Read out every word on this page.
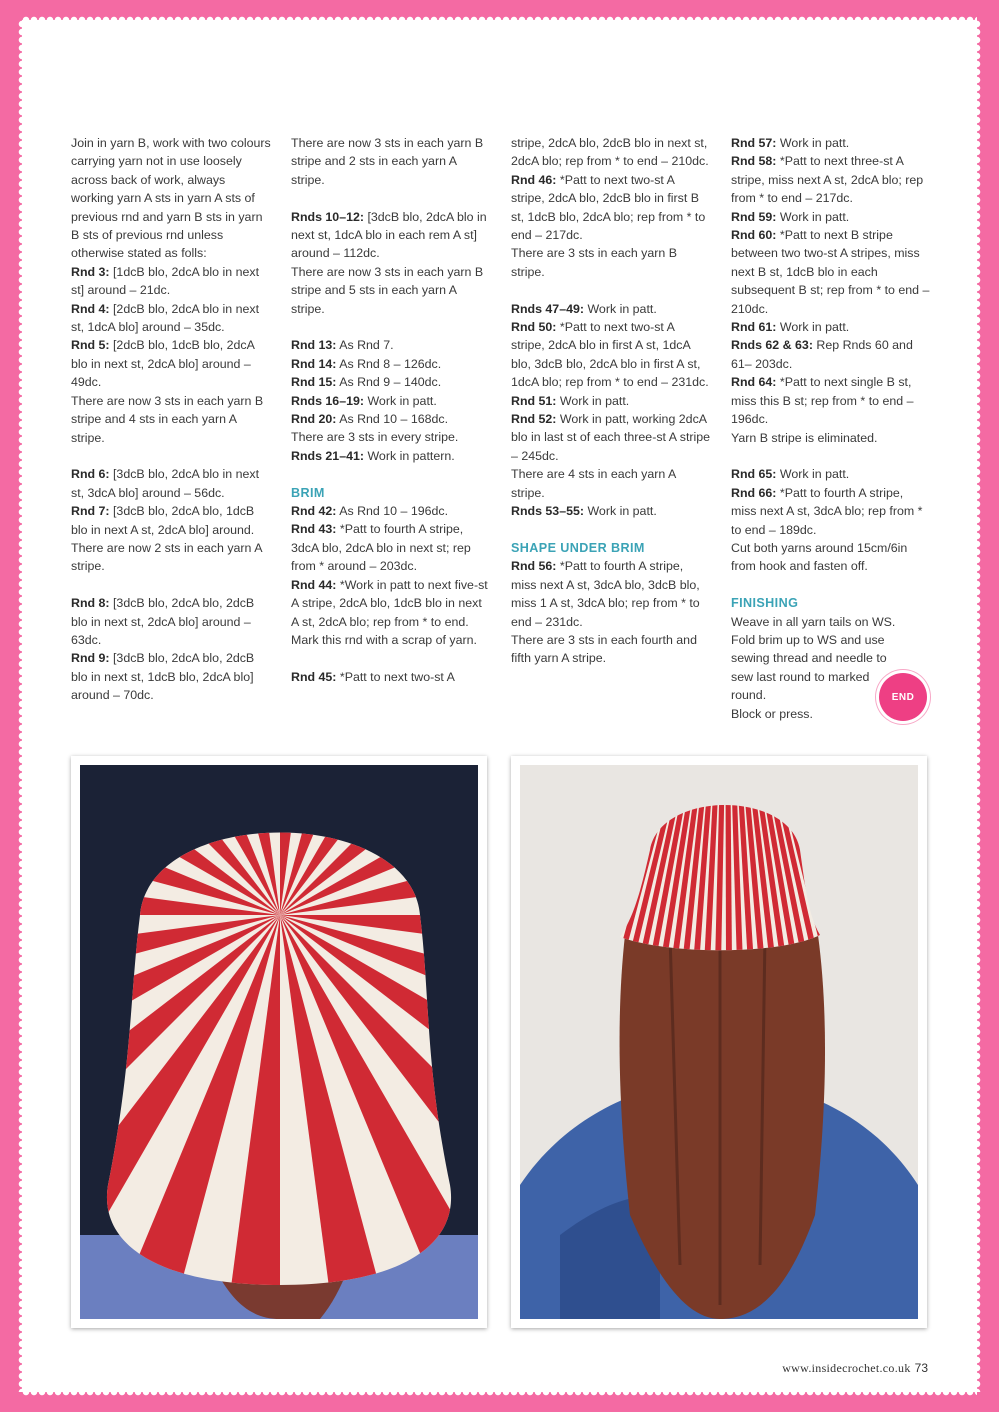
Join in yarn B, work with two colours carrying yarn not in use loosely across back of work, always working yarn A sts in yarn A sts of previous rnd and yarn B sts in yarn B sts of previous rnd unless otherwise stated as folls:

Rnd 3: [1dcB blo, 2dcA blo in next st] around – 21dc.

Rnd 4: [2dcB blo, 2dcA blo in next st, 1dcA blo] around – 35dc.

Rnd 5: [2dcB blo, 1dcB blo, 2dcA blo in next st, 2dcA blo] around – 49dc.

There are now 3 sts in each yarn B stripe and 4 sts in each yarn A stripe.

Rnd 6: [3dcB blo, 2dcA blo in next st, 3dcA blo] around – 56dc.

Rnd 7: [3dcB blo, 2dcA blo, 1dcB blo in next A st, 2dcA blo] around.

There are now 2 sts in each yarn A stripe.

Rnd 8: [3dcB blo, 2dcA blo, 2dcB blo in next st, 2dcA blo] around – 63dc.

Rnd 9: [3dcB blo, 2dcA blo, 2dcB blo in next st, 1dcB blo, 2dcA blo] around – 70dc.

There are now 3 sts in each yarn B stripe and 2 sts in each yarn A stripe.

Rnds 10–12: [3dcB blo, 2dcA blo in next st, 1dcA blo in each rem A st] around – 112dc.

There are now 3 sts in each yarn B stripe and 5 sts in each yarn A stripe.

Rnd 13: As Rnd 7.

Rnd 14: As Rnd 8 – 126dc.

Rnd 15: As Rnd 9 – 140dc.

Rnds 16–19: Work in patt.

Rnd 20: As Rnd 10 – 168dc.

There are 3 sts in every stripe.

Rnds 21–41: Work in pattern.

BRIM

Rnd 42: As Rnd 10 – 196dc.

Rnd 43: *Patt to fourth A stripe, 3dcA blo, 2dcA blo in next st; rep from * around – 203dc.

Rnd 44: *Work in patt to next five-st A stripe, 2dcA blo, 1dcB blo in next A st, 2dcA blo; rep from * to end.

Mark this rnd with a scrap of yarn.

Rnd 45: *Patt to next two-st A

stripe, 2dcA blo, 2dcB blo in next st, 2dcA blo; rep from * to end – 210dc.

Rnd 46: *Patt to next two-st A stripe, 2dcA blo, 2dcB blo in first B st, 1dcB blo, 2dcA blo; rep from * to end – 217dc.

There are 3 sts in each yarn B stripe.

Rnds 47–49: Work in patt.

Rnd 50: *Patt to next two-st A stripe, 2dcA blo in first A st, 1dcA blo, 3dcB blo, 2dcA blo in first A st, 1dcA blo; rep from * to end – 231dc.

Rnd 51: Work in patt.

Rnd 52: Work in patt, working 2dcA blo in last st of each three-st A stripe – 245dc.

There are 4 sts in each yarn A stripe.

Rnds 53–55: Work in patt.

SHAPE UNDER BRIM

Rnd 56: *Patt to fourth A stripe, miss next A st, 3dcA blo, 3dcB blo, miss 1 A st, 3dcA blo; rep from * to end – 231dc.

There are 3 sts in each fourth and fifth yarn A stripe.

Rnd 57: Work in patt.

Rnd 58: *Patt to next three-st A stripe, miss next A st, 2dcA blo; rep from * to end – 217dc.

Rnd 59: Work in patt.

Rnd 60: *Patt to next B stripe between two two-st A stripes, miss next B st, 1dcB blo in each subsequent B st; rep from * to end – 210dc.

Rnd 61: Work in patt.

Rnds 62 & 63: Rep Rnds 60 and 61– 203dc.

Rnd 64: *Patt to next single B st, miss this B st; rep from * to end – 196dc.

Yarn B stripe is eliminated.

Rnd 65: Work in patt.

Rnd 66: *Patt to fourth A stripe, miss next A st, 3dcA blo; rep from * to end – 189dc.

Cut both yarns around 15cm/6in from hook and fasten off.

FINISHING

Weave in all yarn tails on WS.

Fold brim up to WS and use sewing thread and needle to sew last round to marked round.

Block or press.

END
www.insidecrochet.co.uk 73
